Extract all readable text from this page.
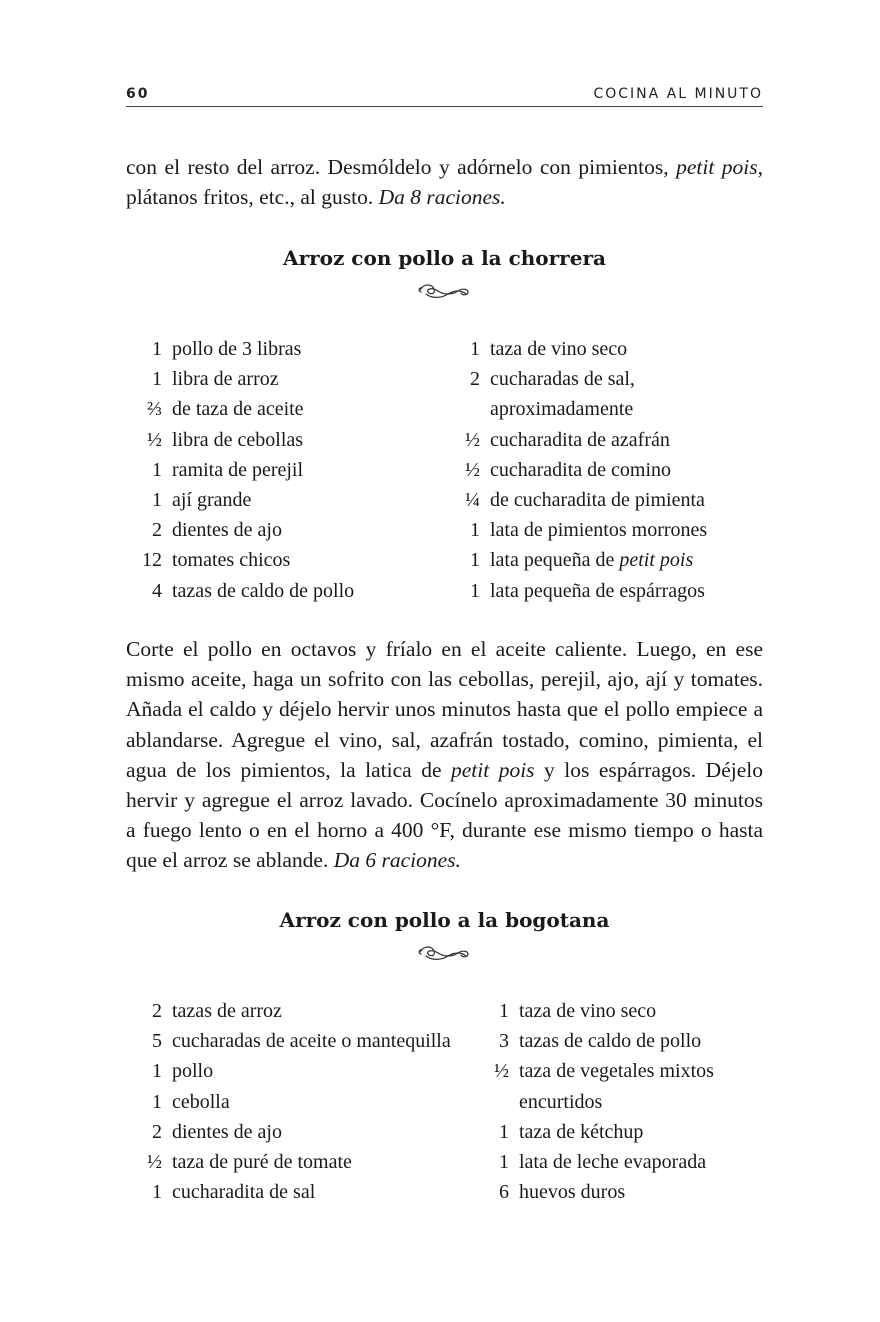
60	COCINA AL MINUTO

con el resto del arroz. Desmóldelo y adórnelo con pimientos, petit pois, plátanos fritos, etc., al gusto. Da 8 raciones.

Arroz con pollo a la chorrera
1 pollo de 3 libras
1 libra de arroz
⅔ de taza de aceite
½ libra de cebollas
1 ramita de perejil
1 ají grande
2 dientes de ajo
12 tomates chicos
4 tazas de caldo de pollo
1 taza de vino seco
2 cucharadas de sal,
aproximadamente
½ cucharadita de azafrán
½ cucharadita de comino
¼ de cucharadita de pimienta
1 lata de pimientos morrones
1 lata pequeña de petit pois
1 lata pequeña de espárragos

Corte el pollo en octavos y fríalo en el aceite caliente. Luego, en ese mismo aceite, haga un sofrito con las cebollas, perejil, ajo, ají y tomates. Añada el caldo y déjelo hervir unos minutos hasta que el pollo empiece a ablandarse. Agregue el vino, sal, azafrán tostado, comino, pimienta, el agua de los pimientos, la latica de petit pois y los espárragos. Déjelo hervir y agregue el arroz lavado. Cocínelo aproximadamente 30 minutos a fuego lento o en el horno a 400 °F, durante ese mismo tiempo o hasta que el arroz se ablande. Da 6 raciones.

Arroz con pollo a la bogotana
2 tazas de arroz
5 cucharadas de aceite o mantequilla
1 pollo
1 cebolla
2 dientes de ajo
½ taza de puré de tomate
1 cucharadita de sal
1 taza de vino seco
3 tazas de caldo de pollo
½ taza de vegetales mixtos
encurtidos
1 taza de kétchup
1 lata de leche evaporada
6 huevos duros
